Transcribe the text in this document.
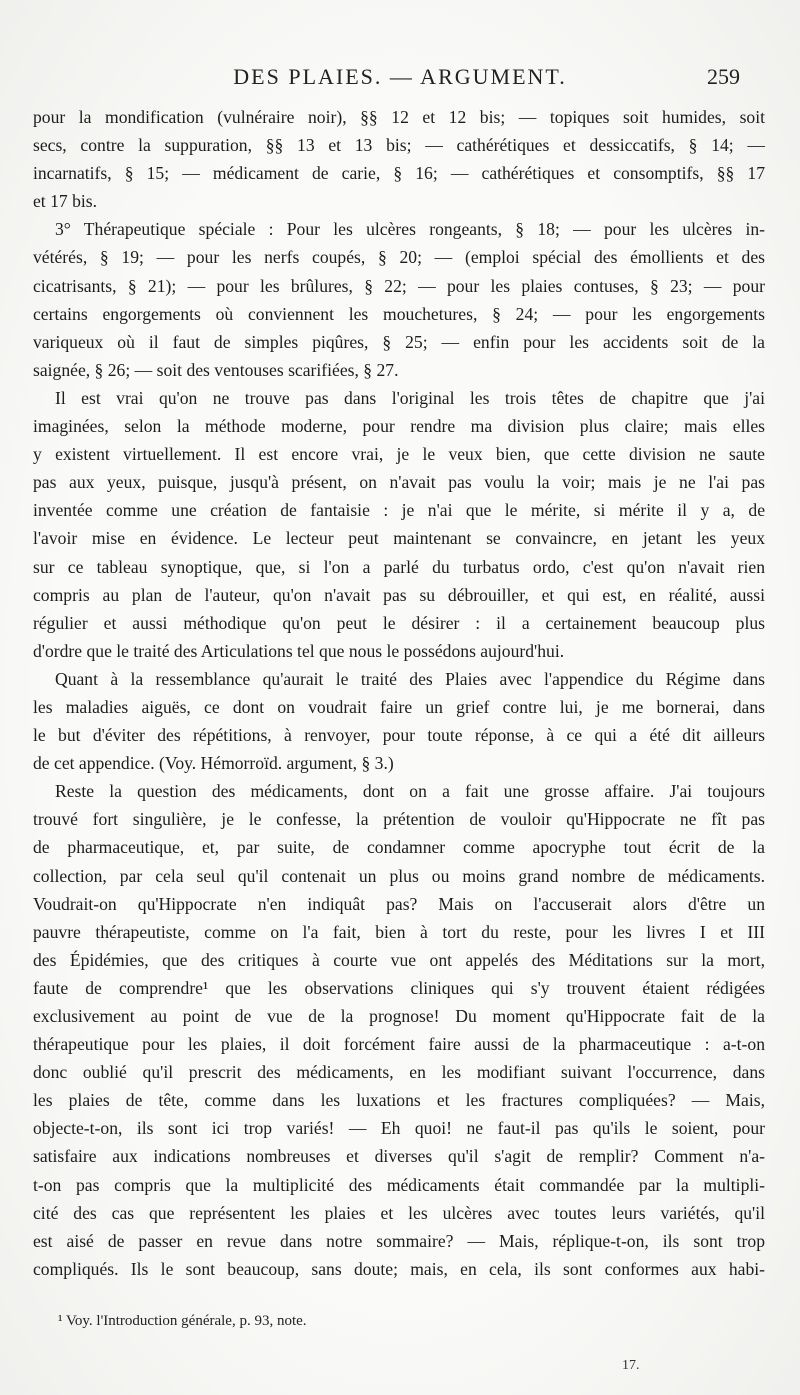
DES PLAIES. — ARGUMENT.	259
pour la mondification (vulnéraire noir), §§ 12 et 12 bis; — topiques soit humides, soit
secs, contre la suppuration, §§ 13 et 13 bis; — cathérétiques et dessiccatifs, § 14; —
incarnatifs, § 15; — médicament de carie, § 16; — cathérétiques et consomptifs, §§ 17
et 17 bis.
3° Thérapeutique spéciale : Pour les ulcères rongeants, § 18; — pour les ulcères in-
vétérés, § 19; — pour les nerfs coupés, § 20; — (emploi spécial des émollients et des
cicatrisants, § 21); — pour les brûlures, § 22; — pour les plaies contuses, § 23; — pour
certains engorgements où conviennent les mouchetures, § 24; — pour les engorgements
variqueux où il faut de simples piqûres, § 25; — enfin pour les accidents soit de la
saignée, § 26; — soit des ventouses scarifiées, § 27.
Il est vrai qu'on ne trouve pas dans l'original les trois têtes de chapitre que j'ai
imaginées, selon la méthode moderne, pour rendre ma division plus claire; mais elles
y existent virtuellement. Il est encore vrai, je le veux bien, que cette division ne saute
pas aux yeux, puisque, jusqu'à présent, on n'avait pas voulu la voir; mais je ne l'ai pas
inventée comme une création de fantaisie : je n'ai que le mérite, si mérite il y a, de
l'avoir mise en évidence. Le lecteur peut maintenant se convaincre, en jetant les yeux
sur ce tableau synoptique, que, si l'on a parlé du turbatus ordo, c'est qu'on n'avait rien
compris au plan de l'auteur, qu'on n'avait pas su débrouiller, et qui est, en réalité, aussi
régulier et aussi méthodique qu'on peut le désirer : il a certainement beaucoup plus
d'ordre que le traité des Articulations tel que nous le possédons aujourd'hui.
Quant à la ressemblance qu'aurait le traité des Plaies avec l'appendice du Régime dans
les maladies aiguës, ce dont on voudrait faire un grief contre lui, je me bornerai, dans
le but d'éviter des répétitions, à renvoyer, pour toute réponse, à ce qui a été dit ailleurs
de cet appendice. (Voy. Hémorroïd. argument, § 3.)
Reste la question des médicaments, dont on a fait une grosse affaire. J'ai toujours
trouvé fort singulière, je le confesse, la prétention de vouloir qu'Hippocrate ne fît pas
de pharmaceutique, et, par suite, de condamner comme apocryphe tout écrit de la
collection, par cela seul qu'il contenait un plus ou moins grand nombre de médicaments.
Voudrait-on qu'Hippocrate n'en indiquât pas? Mais on l'accuserait alors d'être un
pauvre thérapeutiste, comme on l'a fait, bien à tort du reste, pour les livres I et III
des Épidémies, que des critiques à courte vue ont appelés des Méditations sur la mort,
faute de comprendre¹ que les observations cliniques qui s'y trouvent étaient rédigées
exclusivement au point de vue de la prognose! Du moment qu'Hippocrate fait de la
thérapeutique pour les plaies, il doit forcément faire aussi de la pharmaceutique : a-t-on
donc oublié qu'il prescrit des médicaments, en les modifiant suivant l'occurrence, dans
les plaies de tête, comme dans les luxations et les fractures compliquées? — Mais,
objecte-t-on, ils sont ici trop variés! — Eh quoi! ne faut-il pas qu'ils le soient, pour
satisfaire aux indications nombreuses et diverses qu'il s'agit de remplir? Comment n'a-
t-on pas compris que la multiplicité des médicaments était commandée par la multipli-
cité des cas que représentent les plaies et les ulcères avec toutes leurs variétés, qu'il
est aisé de passer en revue dans notre sommaire? — Mais, réplique-t-on, ils sont trop
compliqués. Ils le sont beaucoup, sans doute; mais, en cela, ils sont conformes aux habi-
¹ Voy. l'Introduction générale, p. 93, note.
17.
